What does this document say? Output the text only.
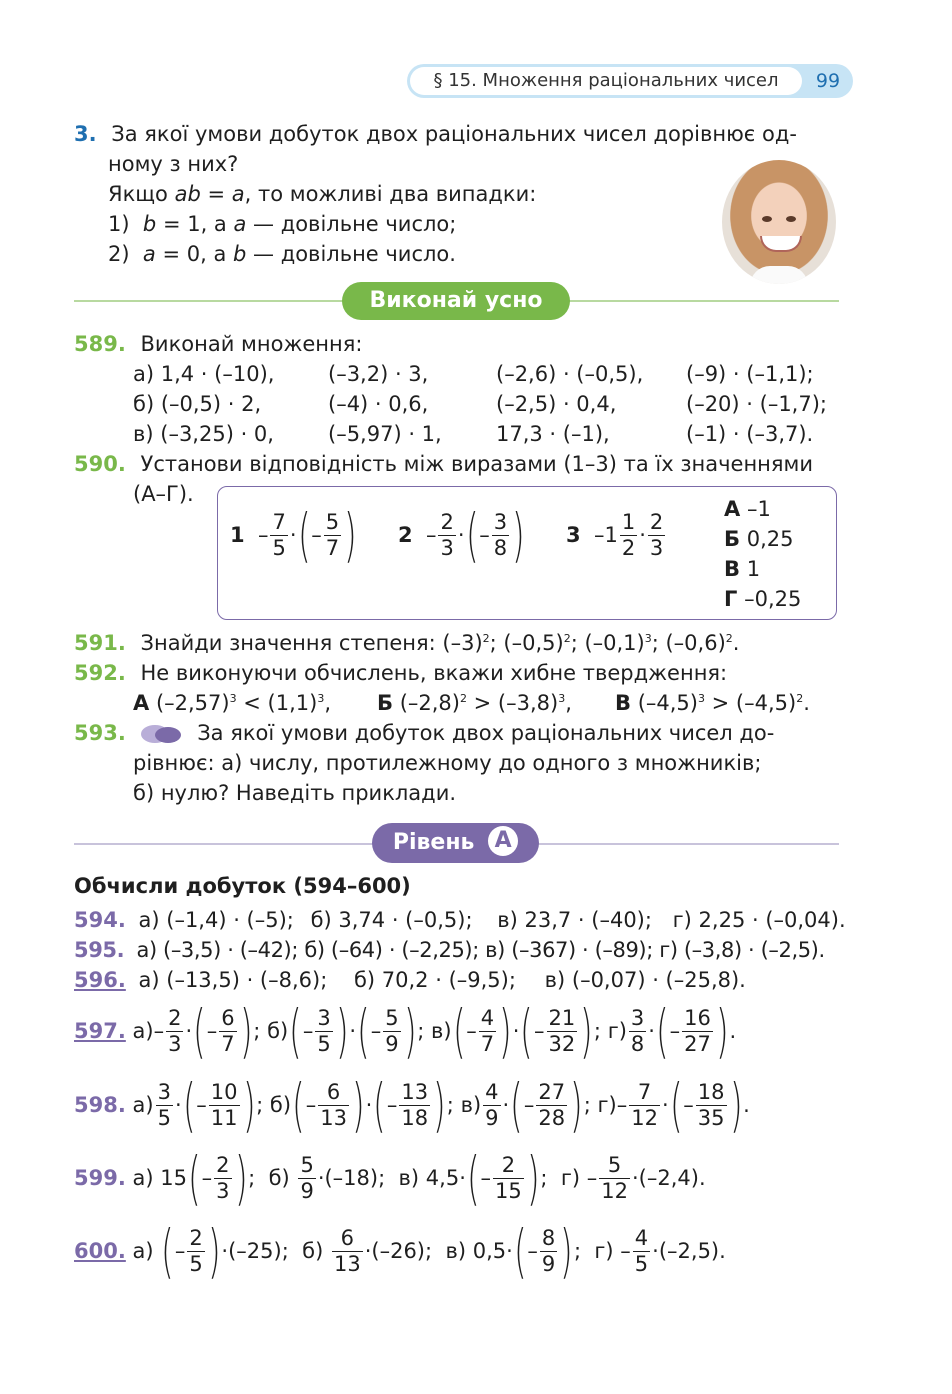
§ 15. Множення раціональних чисел	99
3. За якої умови добуток двох раціональних чисел дорівнює од-
ному з них?
Якщо ab = a, то можливі два випадки:
1) b = 1, а a — довільне число;
2) a = 0, а b — довільне число.
Виконай усно
589. Виконай множення:
а) 1,4 · (–10),	(–3,2) · 3,	(–2,6) · (–0,5), (–9) · (–1,1);
б) (–0,5) · 2,	(–4) · 0,6,	(–2,5) · 0,4,	(–20) · (–1,7);
в) (–3,25) · 0,	(–5,97) · 1,	17,3 · (–1),	(–1) · (–3,7).
590. Установи відповідність між виразами (1–3) та їх значеннями
(А–Г).
1
– $\frac{7}{5}$ · ( – $\frac{5}{7}$ ) 2
– $\frac{2}{3}$ · ( – $\frac{3}{8}$ ) 3
$-1 \frac{1}{2} \cdot \frac{2}{3}$
А –1
Б 0,25
В 1
Г –0,25
591. Знайди значення степеня: $(-3)^2$; $(-0,5)^2$; $(-0,1)^3$; $(-0,6)^2$.
592. Не виконуючи обчислень, вкажи хибне твердження:
А $(-2,57)^3 < (1,1)^3$, Б $(-2,8)^2 > (-3,8)^3$, В $(-4,5)^3 > (-4,5)^2$.
593.	За якої умови добуток двох раціональних чисел до-
рівнює: а) числу, протилежному до одного з множників;
б) нулю? Наведіть приклади.
Рівень А
Обчисли добуток (594–600)
594. а) (–1,4) · (–5); б) 3,74 · (–0,5); в) 23,7 · (–40); г) 2,25 · (–0,04).
595. а) (–3,5) · (–42); б) (–64) · (–2,25); в) (–367) · (–89); г) (–3,8) · (–2,5).
596. а) (–13,5) · (–8,6); б) 70,2 · (–9,5); в) (–0,07) · (–25,8).
597.
$а) - \frac{2}{3}$ · ( – $\frac{6}{7}$ ) ;
б) ( – $\frac{3}{5}$ ) · ( – $\frac{5}{9}$ ) ;
в) ( – $\frac{4}{7}$ ) · ( – $\frac{21}{32}$ ) ;
$г) \frac{3}{8}$ · ( – $\frac{16}{27}$ ) .
598.
$а) \frac{3}{5}$ · ( – $\frac{10}{11}$ ) ;
б) ( – $\frac{6}{13}$ ) · ( – $\frac{13}{18}$ ) ;
$в) \frac{4}{9}$ · ( – $\frac{27}{28}$ ) ;
$г) - \frac{7}{12}$ · ( – $\frac{18}{35}$ ) .
599.
а)
15 ( – $\frac{2}{3}$ ) ;
б)
$\frac{5}{9} \cdot(-18)$;
в)
4,5· ( – $\frac{2}{15}$ ) ;
г)
– $\frac{5}{12} \cdot(-2,4)$.
600.
а)
( – $\frac{2}{5}$ ) ·(–25);
б)
$\frac{6}{13} \cdot(-26)$;
в)
0,5· ( – $\frac{8}{9}$ ) ;
г)
– $\frac{4}{5} \cdot(-2,5)$.
